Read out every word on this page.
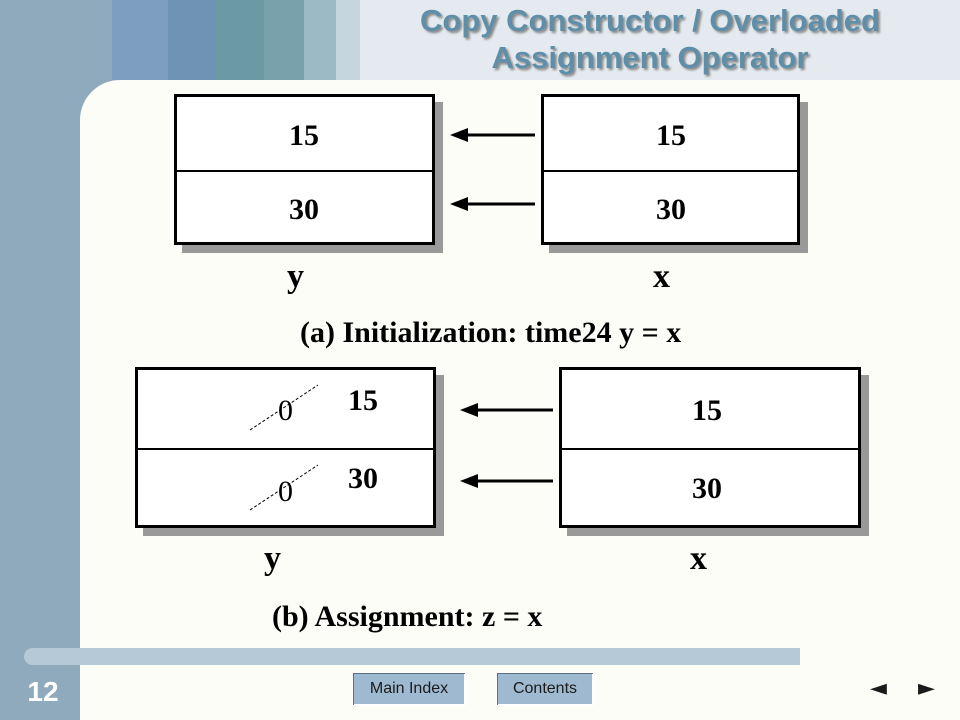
Copy Constructor / Overloaded
Assignment Operator
15
30
15
30
y	x
(a) Initialization: time24 y = x
0	15
0	30
15
30
y	x
(b) Assignment: z = x
12	Main Index	Contents	◄ ►
